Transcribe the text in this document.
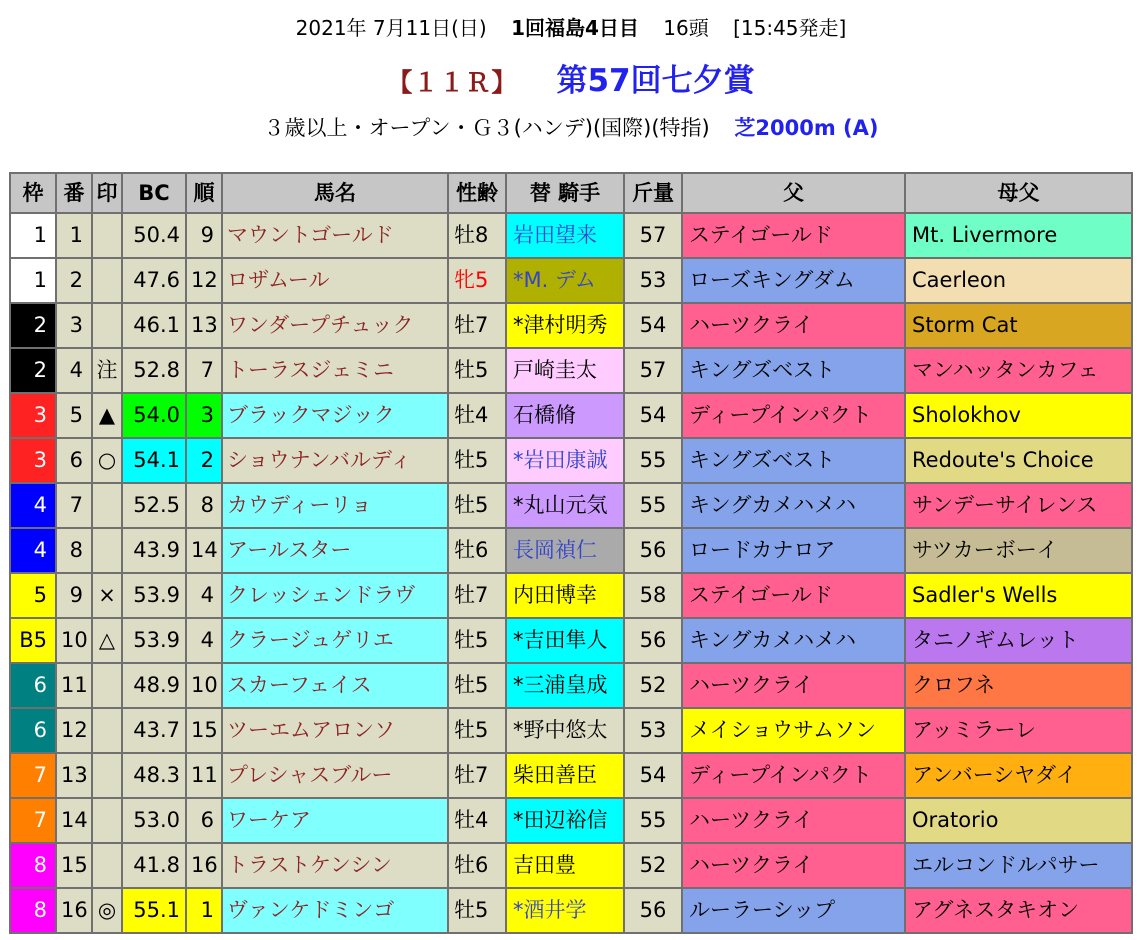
2021年 7月11日(日) 1回福島4日目 16頭 [15:45発走]
【１１Ｒ】 第57回七夕賞
３歳以上・オープン・Ｇ３(ハンデ)(国際)(特指) 芝2000m (A)
枠	番	印	BC	順	馬名	性齢	替 騎手	斤量	父	母父
1	1		50.4	9	マウントゴールド	牡8	岩田望来	57	ステイゴールド	Mt. Livermore
1	2		47.6	12	ロザムール	牝5	*M. デム	53	ローズキングダム	Caerleon
2	3		46.1	13	ワンダープチュック	牡7	*津村明秀	54	ハーツクライ	Storm Cat
2	4	注	52.8	7	トーラスジェミニ	牡5	戸崎圭太	57	キングズベスト	マンハッタンカフェ
3	5	▲	54.0	3	ブラックマジック	牡4	石橋脩	54	ディープインパクト	Sholokhov
3	6	○	54.1	2	ショウナンバルディ	牡5	*岩田康誠	55	キングズベスト	Redoute's Choice
4	7		52.5	8	カウディーリョ	牡5	*丸山元気	55	キングカメハメハ	サンデーサイレンス
4	8		43.9	14	アールスター	牡6	長岡禎仁	56	ロードカナロア	サツカーボーイ
5	9	×	53.9	4	クレッシェンドラヴ	牡7	内田博幸	58	ステイゴールド	Sadler's Wells
B5	10	△	53.9	4	クラージュゲリエ	牡5	*吉田隼人	56	キングカメハメハ	タニノギムレット
6	11		48.9	10	スカーフェイス	牡5	*三浦皇成	52	ハーツクライ	クロフネ
6	12		43.7	15	ツーエムアロンソ	牡5	*野中悠太	53	メイショウサムソン	アッミラーレ
7	13		48.3	11	プレシャスブルー	牡7	柴田善臣	54	ディープインパクト	アンバーシヤダイ
7	14		53.0	6	ワーケア	牡4	*田辺裕信	55	ハーツクライ	Oratorio
8	15		41.8	16	トラストケンシン	牡6	吉田豊	52	ハーツクライ	エルコンドルパサー
8	16	◎	55.1	1	ヴァンケドミンゴ	牡5	*酒井学	56	ルーラーシップ	アグネスタキオン
